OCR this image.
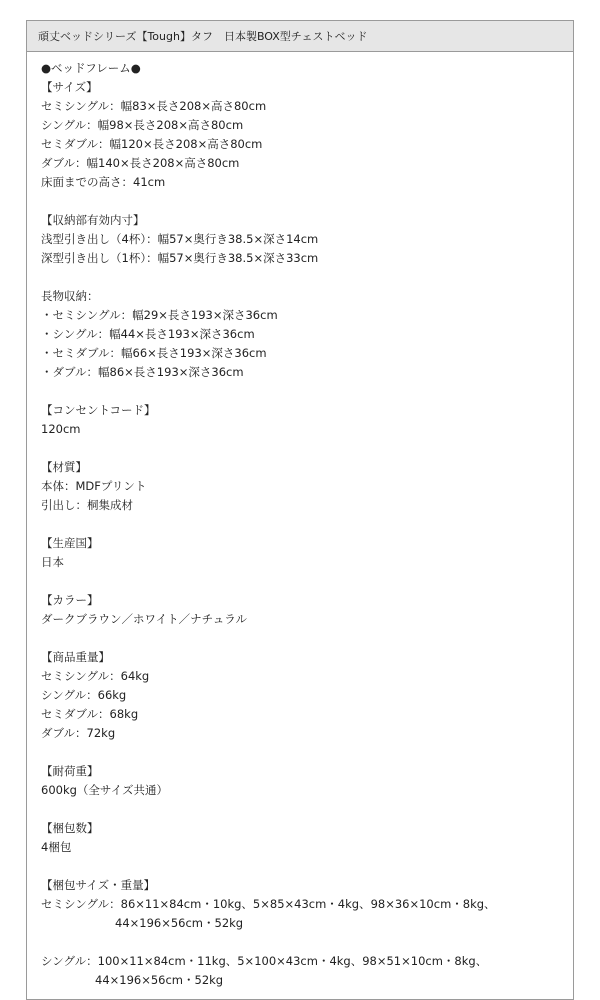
頑丈ベッドシリーズ【Tough】タフ　日本製BOX型チェストベッド
●ベッドフレーム●
【サイズ】
セミシングル：幅83×長さ208×高さ80cm
シングル：幅98×長さ208×高さ80cm
セミダブル：幅120×長さ208×高さ80cm
ダブル：幅140×長さ208×高さ80cm
床面までの高さ：41cm
【収納部有効内寸】
浅型引き出し（4杯）：幅57×奥行き38.5×深さ14cm
深型引き出し（1杯）：幅57×奥行き38.5×深さ33cm
長物収納：
・セミシングル：幅29×長さ193×深さ36cm
・シングル：幅44×長さ193×深さ36cm
・セミダブル：幅66×長さ193×深さ36cm
・ダブル：幅86×長さ193×深さ36cm
【コンセントコード】
120cm
【材質】
本体：MDFプリント
引出し：桐集成材
【生産国】
日本
【カラー】
ダークブラウン／ホワイト／ナチュラル
【商品重量】
セミシングル：64kg
シングル：66kg
セミダブル：68kg
ダブル：72kg
【耐荷重】
600kg（全サイズ共通）
【梱包数】
4梱包
【梱包サイズ・重量】
セミシングル：86×11×84cm・10kg、5×85×43cm・4kg、98×36×10cm・8kg、
44×196×56cm・52kg
シングル：100×11×84cm・11kg、5×100×43cm・4kg、98×51×10cm・8kg、
44×196×56cm・52kg
